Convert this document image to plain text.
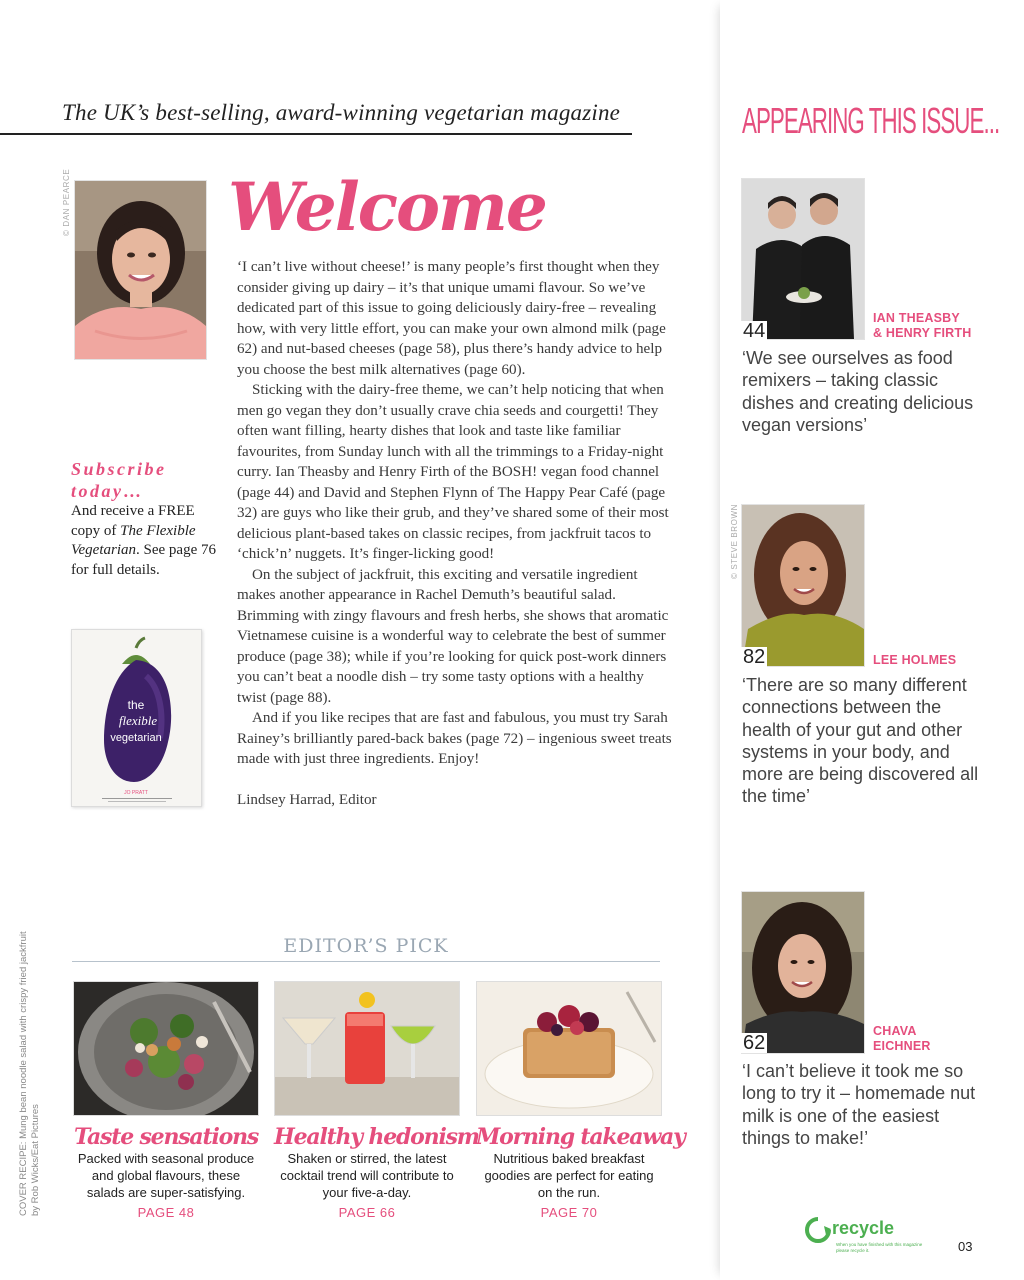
The UK’s best-selling, award-winning vegetarian magazine
© DAN PEARCE Welcome

‘I can’t live without cheese!’ is many people’s first thought when they consider giving up dairy – it’s that unique umami flavour. So we’ve dedicated part of this issue to going deliciously dairy-free – revealing how, with very little effort, you can make your own almond milk (page 62) and nut-based cheeses (page 58), plus there’s handy advice to help you choose the best milk alternatives (page 60).

Sticking with the dairy-free theme, we can’t help noticing that when men go vegan they don’t usually crave chia seeds and courgetti! They often want filling, hearty dishes that look and taste like familiar favourites, from Sunday lunch with all the trimmings to a Friday-night curry. Ian Theasby and Henry Firth of the BOSH! vegan food channel (page 44) and David and Stephen Flynn of The Happy Pear Café (page 32) are guys who like their grub, and they’ve shared some of their most delicious plant-based takes on classic recipes, from jackfruit tacos to ‘chick’n’ nuggets. It’s finger-licking good!

On the subject of jackfruit, this exciting and versatile ingredient makes another appearance in Rachel Demuth’s beautiful salad. Brimming with zingy flavours and fresh herbs, she shows that aromatic Vietnamese cuisine is a wonderful way to celebrate the best of summer produce (page 38); while if you’re looking for quick post-work dinners you can’t beat a noodle dish – try some tasty options with a healthy twist (page 88).

And if you like recipes that are fast and fabulous, you must try Sarah Rainey’s brilliantly pared-back bakes (page 72) – ingenious sweet treats made with just three ingredients. Enjoy!

Lindsey Harrad, Editor

Subscribe
today…
And receive a FREE copy of The Flexible Vegetarian. See page 76 for full details.
the
flexible
vegetarian
JO PRATT
EDITOR’S PICK
Taste sensations
Packed with seasonal produce and global flavours, these salads are super-satisfying.
PAGE 48
Healthy hedonism
Shaken or stirred, the latest cocktail trend will contribute to your five-a-day.
PAGE 66
Morning takeaway
Nutritious baked breakfast goodies are perfect for eating on the run.
PAGE 70
COVER RECIPE: Mung bean noodle salad with crispy fried jackfruit by Rob Wicks/Eat Pictures
APPEARING THIS ISSUE...
44
IAN THEASBY
& HENRY FIRTH
‘We see ourselves as food remixers – taking classic dishes and creating delicious vegan versions’
© STEVE BROWN
82	LEE HOLMES
‘There are so many different connections between the health of your gut and other systems in your body, and more are being discovered all the time’
62
CHAVA
EICHNER
‘I can’t believe it took me so long to try it – homemade nut milk is one of the easiest things to make!’
recycle
When you have finished with this magazine please recycle it.	03
